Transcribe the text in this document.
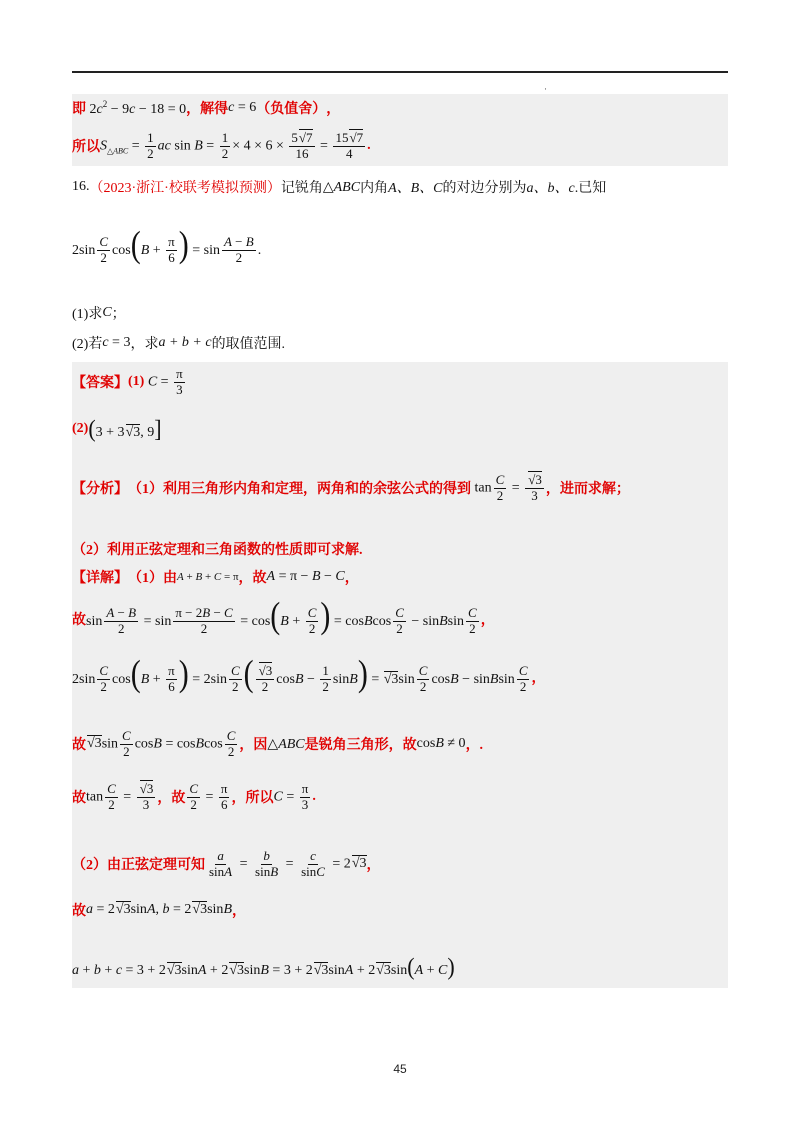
·
即 $2c^2 - 9c - 18 = 0$ ，解得 c = 6 （负值舍） ，
所以 $S_{\triangle ABC} = \frac{1}{2}$ ac $\sin B = \frac{1}{2} \times 4 \times 6 \times \frac{5√7}{16} = \frac{15√7}{4}$ .
16. （2023·浙江·校联考模拟预测） 记锐角 △ABC 内角 A、B、C 的对边分别为 a、b、c .已知
$2\sin \frac{C}{2} \cos(B + \frac{\pi}{6}$ ) = $\sin \frac{A - B}{2}$ .
(1)求 C ；
(2)若 c = 3 ，求 a + b + c 的取值范围.
【答案】 (1) $C = \frac{\pi}{3}$
(2) (3 + 3√3, 9]
【分析】 （1）利用三角形内角和定理，两角和的余弦公式的得到 $\tan \frac{C}{2} = \frac{√3}{3}$ ，进而求解；
（2）利用正弦定理和三角函数的性质即可求解.
【详解】 （1）由 A + B + C = π ，故 A = π − B − C ，
故 $\sin \frac{A - B}{2} = \sin \frac{\pi - 2B - C}{2} = \cos(B + \frac{C}{2}$ ) = cosBcos $\frac{C}{2}$ − sinBsin $\frac{C}{2}$ ，
$2\sin \frac{C}{2} \cos(B + \frac{\pi}{6}$ ) = $2\sin \frac{C}{2}$ ( $\frac{√3}{2}$ $\cos B - \frac{1}{2} \sin B) = √3\sin \frac{C}{2}$ cosB − sinBsin $\frac{C}{2}$ ，
故 $√3\sin \frac{C}{2}$ cosB = cosBcos $\frac{C}{2}$ ，因 △ABC 是锐角三角形，故 cosB ≠ 0 ，.
故 $\tan \frac{C}{2} = \frac{√3}{3}$ ，故 $\frac{C}{2} = \frac{\pi}{6}$ ，所以 $C = \frac{\pi}{3}$ .
（2）由正弦定理可知 $\frac{a}{\sin A} = \frac{b}{\sin B} = \frac{c}{\sin C} = 2√3$ ，
故 a = 2√3sinA, b = 2√3sinB ，
a + b + c = 3 + 2√3sinA + 2√3sinB = 3 + 2√3sinA + 2√3sin(A + C)
45
